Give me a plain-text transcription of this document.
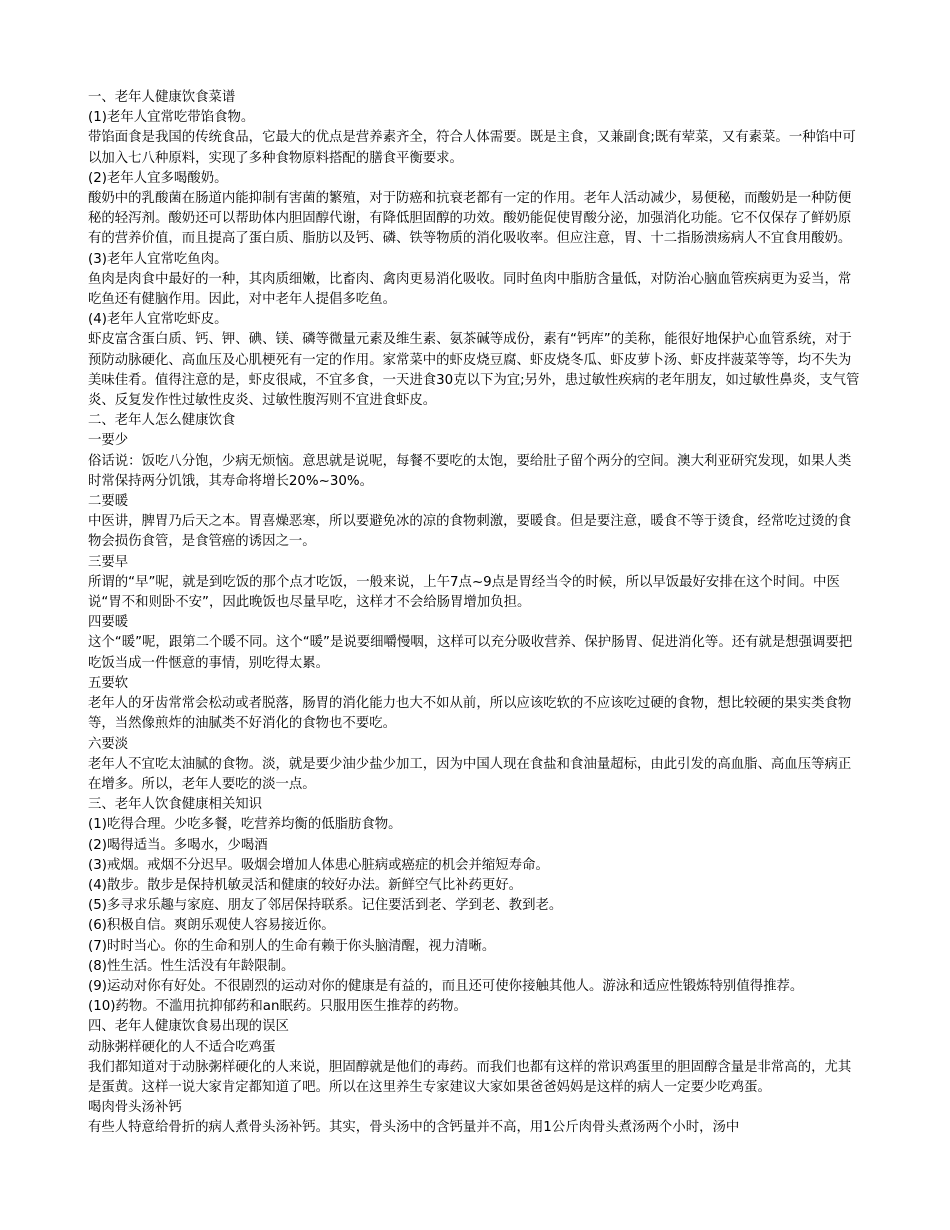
一、老年人健康饮食菜谱

(1)老年人宜常吃带馅食物。

带馅面食是我国的传统食品，它最大的优点是营养素齐全，符合人体需要。既是主食，又兼副食;既有荤菜，又有素菜。一种馅中可以加入七八种原料，实现了多种食物原料搭配的膳食平衡要求。

(2)老年人宜多喝酸奶。

酸奶中的乳酸菌在肠道内能抑制有害菌的繁殖，对于防癌和抗衰老都有一定的作用。老年人活动减少，易便秘，而酸奶是一种防便秘的轻泻剂。酸奶还可以帮助体内胆固醇代谢，有降低胆固醇的功效。酸奶能促使胃酸分泌，加强消化功能。它不仅保存了鲜奶原有的营养价值，而且提高了蛋白质、脂肪以及钙、磷、铁等物质的消化吸收率。但应注意，胃、十二指肠溃疡病人不宜食用酸奶。

(3)老年人宜常吃鱼肉。

鱼肉是肉食中最好的一种，其肉质细嫩，比畜肉、禽肉更易消化吸收。同时鱼肉中脂肪含量低，对防治心脑血管疾病更为妥当，常吃鱼还有健脑作用。因此，对中老年人提倡多吃鱼。

(4)老年人宜常吃虾皮。

虾皮富含蛋白质、钙、钾、碘、镁、磷等微量元素及维生素、氨茶碱等成份，素有“钙库”的美称，能很好地保护心血管系统，对于预防动脉硬化、高血压及心肌梗死有一定的作用。家常菜中的虾皮烧豆腐、虾皮烧冬瓜、虾皮萝卜汤、虾皮拌菠菜等等，均不失为美味佳肴。值得注意的是，虾皮很咸，不宜多食，一天进食30克以下为宜;另外，患过敏性疾病的老年朋友，如过敏性鼻炎，支气管炎、反复发作性过敏性皮炎、过敏性腹泻则不宜进食虾皮。

二、老年人怎么健康饮食

一要少

俗话说：饭吃八分饱，少病无烦恼。意思就是说呢，每餐不要吃的太饱，要给肚子留个两分的空间。澳大利亚研究发现，如果人类时常保持两分饥饿，其寿命将增长20%~30%。

二要暖

中医讲，脾胃乃后天之本。胃喜燥恶寒，所以要避免冰的凉的食物刺激，要暖食。但是要注意，暖食不等于烫食，经常吃过烫的食物会损伤食管，是食管癌的诱因之一。

三要早

所谓的“早”呢，就是到吃饭的那个点才吃饭，一般来说，上午7点~9点是胃经当令的时候，所以早饭最好安排在这个时间。中医说“胃不和则卧不安”，因此晚饭也尽量早吃，这样才不会给肠胃增加负担。

四要暖

这个“暖”呢，跟第二个暖不同。这个“暖”是说要细嚼慢咽，这样可以充分吸收营养、保护肠胃、促进消化等。还有就是想强调要把吃饭当成一件惬意的事情，别吃得太累。

五要软

老年人的牙齿常常会松动或者脱落，肠胃的消化能力也大不如从前，所以应该吃软的不应该吃过硬的食物，想比较硬的果实类食物等，当然像煎炸的油腻类不好消化的食物也不要吃。

六要淡

老年人不宜吃太油腻的食物。淡，就是要少油少盐少加工，因为中国人现在食盐和食油量超标，由此引发的高血脂、高血压等病正在增多。所以，老年人要吃的淡一点。

三、老年人饮食健康相关知识

(1)吃得合理。少吃多餐，吃营养均衡的低脂肪食物。

(2)喝得适当。多喝水，少喝酒

(3)戒烟。戒烟不分迟早。吸烟会增加人体患心脏病或癌症的机会并缩短寿命。

(4)散步。散步是保持机敏灵活和健康的较好办法。新鲜空气比补药更好。

(5)多寻求乐趣与家庭、朋友了邻居保持联系。记住要活到老、学到老、教到老。

(6)积极自信。爽朗乐观使人容易接近你。

(7)时时当心。你的生命和别人的生命有赖于你头脑清醒，视力清晰。

(8)性生活。性生活没有年龄限制。

(9)运动对你有好处。不很剧烈的运动对你的健康是有益的，而且还可使你接触其他人。游泳和适应性锻炼特别值得推荐。

(10)药物。不滥用抗抑郁药和an眠药。只服用医生推荐的药物。

四、老年人健康饮食易出现的误区

动脉粥样硬化的人不适合吃鸡蛋

我们都知道对于动脉粥样硬化的人来说，胆固醇就是他们的毒药。而我们也都有这样的常识鸡蛋里的胆固醇含量是非常高的，尤其是蛋黄。这样一说大家肯定都知道了吧。所以在这里养生专家建议大家如果爸爸妈妈是这样的病人一定要少吃鸡蛋。

喝肉骨头汤补钙

有些人特意给骨折的病人煮骨头汤补钙。其实，骨头汤中的含钙量并不高，用1公斤肉骨头煮汤两个小时，汤中
